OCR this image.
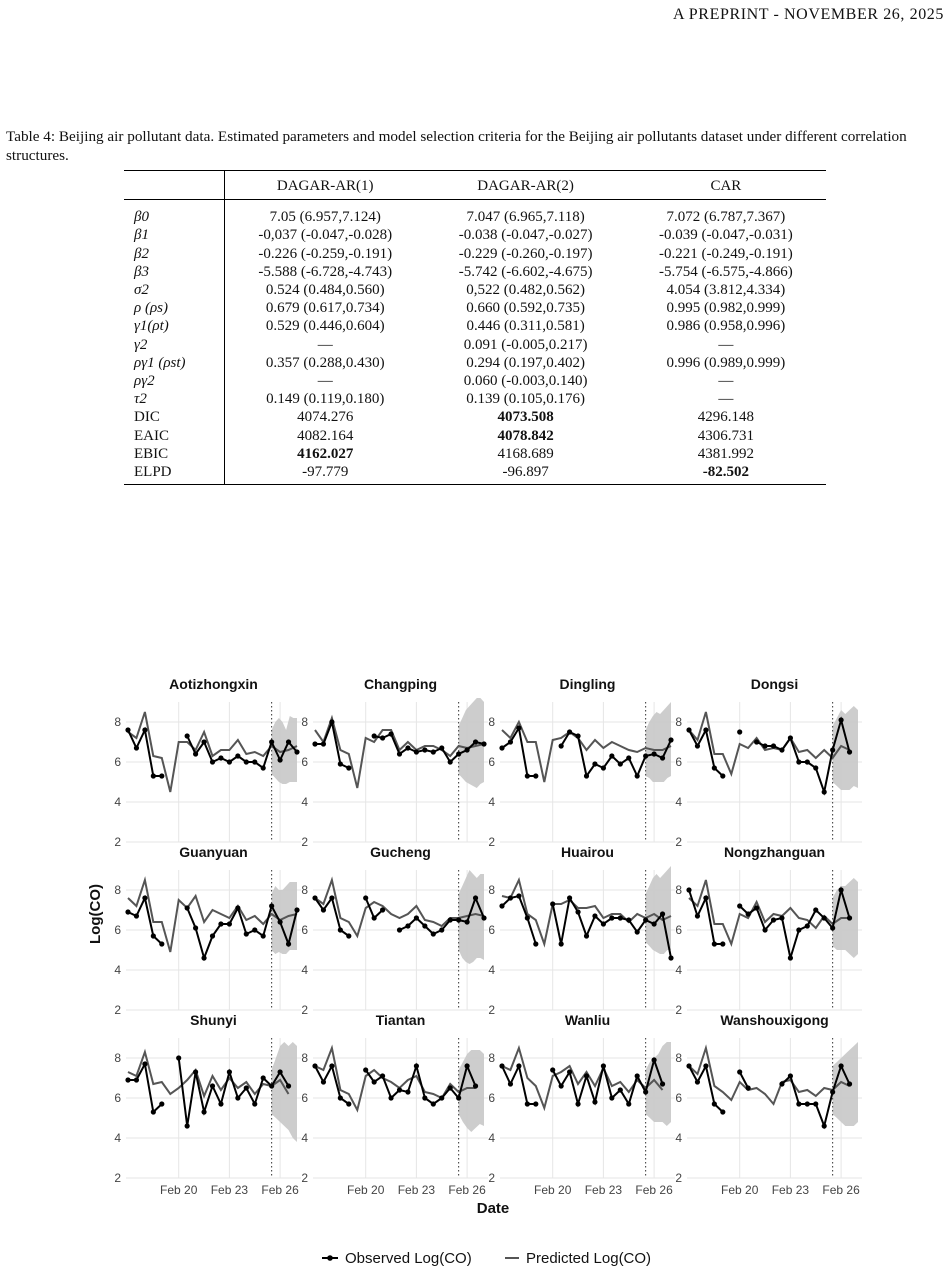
A PREPRINT - NOVEMBER 26, 2025
Table 4: Beijing air pollutant data. Estimated parameters and model selection criteria for the Beijing air pollutants dataset under different correlation structures.
	DAGAR-AR(1)	DAGAR-AR(2)	CAR
β0	7.05 (6.957,7.124)	7.047 (6.965,7.118)	7.072 (6.787,7.367)
β1	-0,037 (-0.047,-0.028)	-0.038 (-0.047,-0.027)	-0.039 (-0.047,-0.031)
β2	-0.226 (-0.259,-0.191)	-0.229 (-0.260,-0.197)	-0.221 (-0.249,-0.191)
β3	-5.588 (-6.728,-4.743)	-5.742 (-6.602,-4.675)	-5.754 (-6.575,-4.866)
σ2	0.524 (0.484,0.560)	0,522 (0.482,0.562)	4.054 (3.812,4.334)
ρ (ρs)	0.679 (0.617,0.734)	0.660 (0.592,0.735)	0.995 (0.982,0.999)
γ1(ρt)	0.529 (0.446,0.604)	0.446 (0.311,0.581)	0.986 (0.958,0.996)
γ2	—	0.091 (-0.005,0.217)	—
ργ1 (ρst)	0.357 (0.288,0.430)	0.294 (0.197,0.402)	0.996 (0.989,0.999)
ργ2	—	0.060 (-0.003,0.140)	—
τ2	0.149 (0.119,0.180)	0.139 (0.105,0.176)	—
DIC	4074.276	4073.508	4296.148
EAIC	4082.164	4078.842	4306.731
EBIC	4162.027	4168.689	4381.992
ELPD	-97.779	-96.897	-82.502
Aotizhongxin
2
4
6
8
Changping
2
4
6
8
Dingling
2
4
6
8
Dongsi
2
4
6
8
Guanyuan
2
4
6
8
Gucheng
2
4
6
8
Huairou
2
4
6
8
Nongzhanguan
2
4
6
8
Shunyi
2
4
6
8
Feb 20 Feb 23 Feb 26
Tiantan
2
4
6
8
Feb 20 Feb 23 Feb 26
Wanliu
2
4
6
8
Feb 20 Feb 23 Feb 26
Wanshouxigong
2
4
6
8
Feb 20 Feb 23 Feb 26
Date
Log(CO)
Observed Log(CO)	Predicted Log(CO)
